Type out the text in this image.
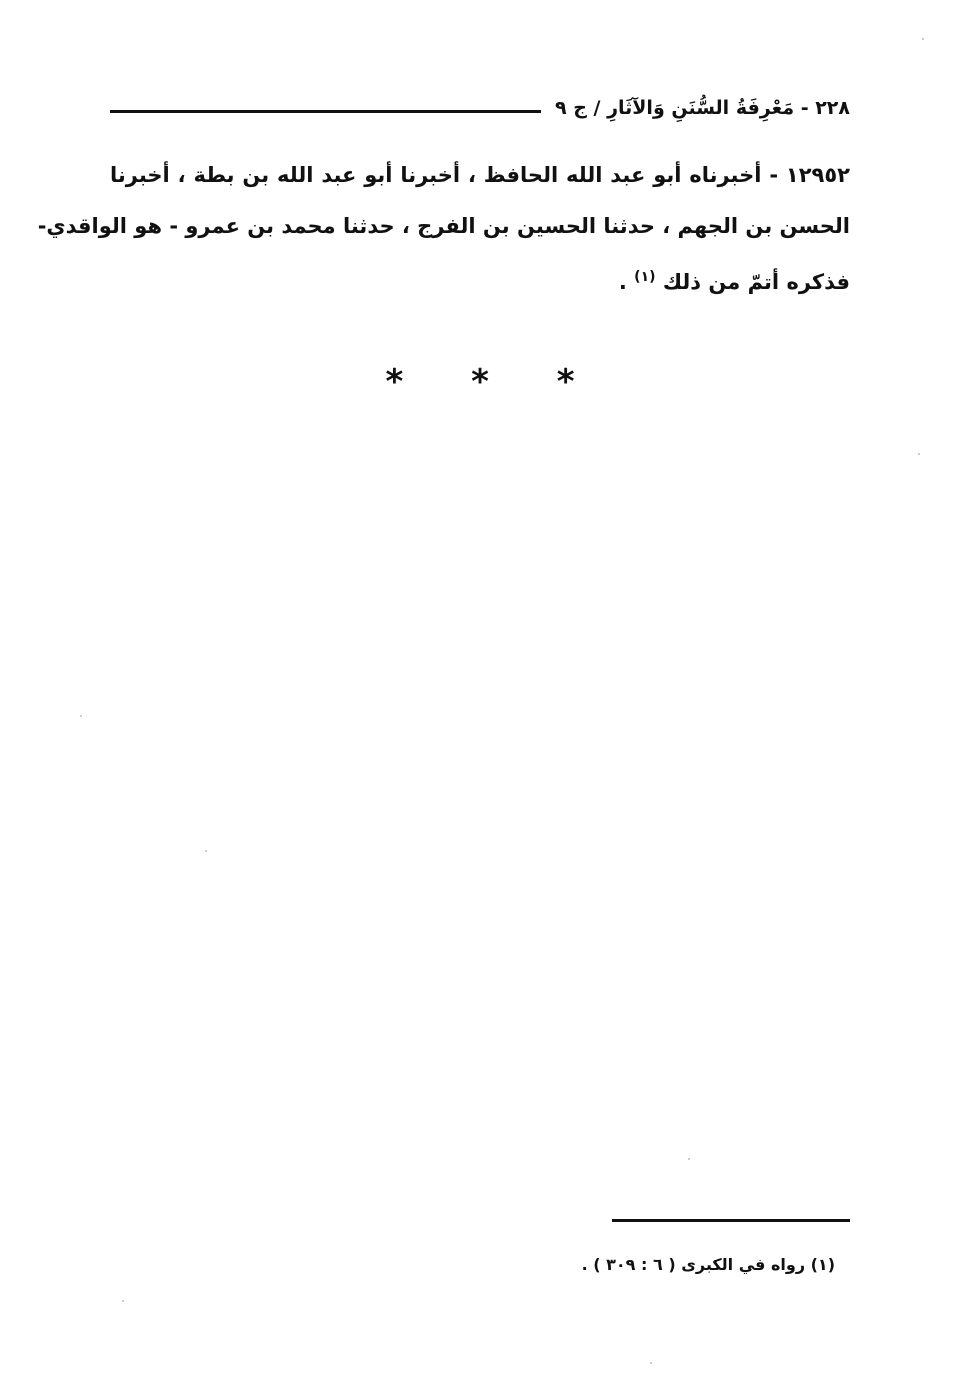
٢٢٨ - مَعْرِفَةُ السُّنَنِ وَالآثَارِ / ج ٩
١٢٩٥٢ - أخبرناه أبو عبد الله الحافظ ، أخبرنا أبو عبد الله بن بطة ، أخبرنا
الحسن بن الجهم ، حدثنا الحسين بن الفرج ، حدثنا محمد بن عمرو - هو الواقدي-
فذكره أتمّ من ذلك $^{(١)}$ .
* * *
(١) رواه في الكبرى ( ٦ : ٣٠٩ ) .
